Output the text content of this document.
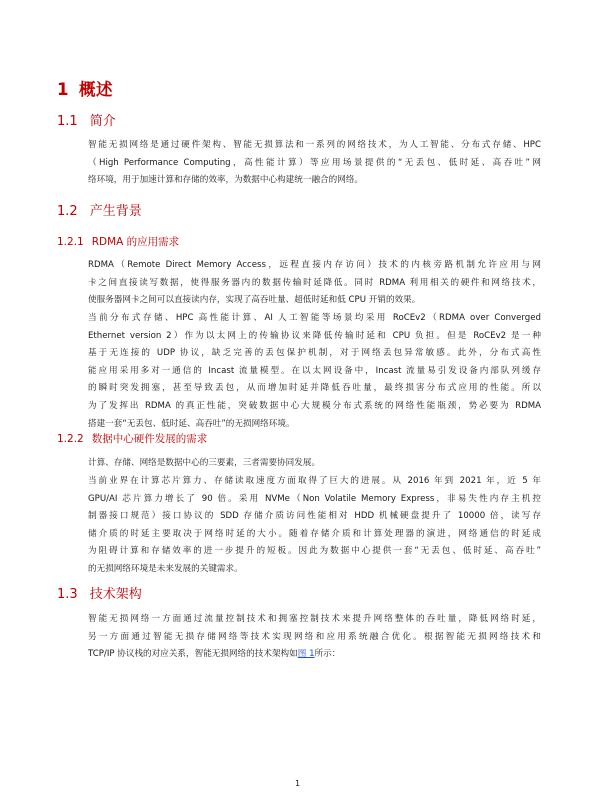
1 概述
1.1 简介

智能无损网络是通过硬件架构、智能无损算法和一系列的网络技术，为人工智能、分布式存储、HPC
（High Performance Computing，高性能计算）等应用场景提供的“无丢包、低时延、高吞吐”网
络环境，用于加速计算和存储的效率，为数据中心构建统一融合的网络。

1.2 产生背景
1.2.1 RDMA 的应用需求

RDMA（Remote Direct Memory Access，远程直接内存访问）技术的内核旁路机制允许应用与网
卡之间直接读写数据，使得服务器内的数据传输时延降低。同时 RDMA 利用相关的硬件和网络技术，
使服务器网卡之间可以直接读内存，实现了高吞吐量、超低时延和低 CPU 开销的效果。

当前分布式存储、HPC 高性能计算、AI 人工智能等场景均采用 RoCEv2（RDMA over Converged
Ethernet version 2）作为以太网上的传输协议来降低传输时延和 CPU 负担。但是 RoCEv2 是一种
基于无连接的 UDP 协议，缺乏完善的丢包保护机制，对于网络丢包异常敏感。此外，分布式高性
能应用采用多对一通信的 Incast 流量模型。在以太网设备中，Incast 流量易引发设备内部队列缓存
的瞬时突发拥塞，甚至导致丢包，从而增加时延并降低吞吐量，最终损害分布式应用的性能。所以
为了发挥出 RDMA 的真正性能，突破数据中心大规模分布式系统的网络性能瓶颈，势必要为 RDMA
搭建一套“无丢包、低时延、高吞吐”的无损网络环境。

1.2.2 数据中心硬件发展的需求

计算、存储、网络是数据中心的三要素，三者需要协同发展。

当前业界在计算芯片算力、存储读取速度方面取得了巨大的进展。从 2016 年到 2021 年，近 5 年
GPU/AI 芯片算力增长了 90 倍。采用 NVMe（Non Volatile Memory Express，非易失性内存主机控
制器接口规范）接口协议的 SDD 存储介质访问性能相对 HDD 机械硬盘提升了 10000 倍，读写存
储介质的时延主要取决于网络时延的大小。随着存储介质和计算处理器的演进，网络通信的时延成
为阻碍计算和存储效率的进一步提升的短板。因此为数据中心提供一套“无丢包、低时延、高吞吐”
的无损网络环境是未来发展的关键需求。

1.3 技术架构

智能无损网络一方面通过流量控制技术和拥塞控制技术来提升网络整体的吞吐量，降低网络时延，
另一方面通过智能无损存储网络等技术实现网络和应用系统融合优化。根据智能无损网络技术和
TCP/IP 协议栈的对应关系，智能无损网络的技术架构如图 1所示：

1
